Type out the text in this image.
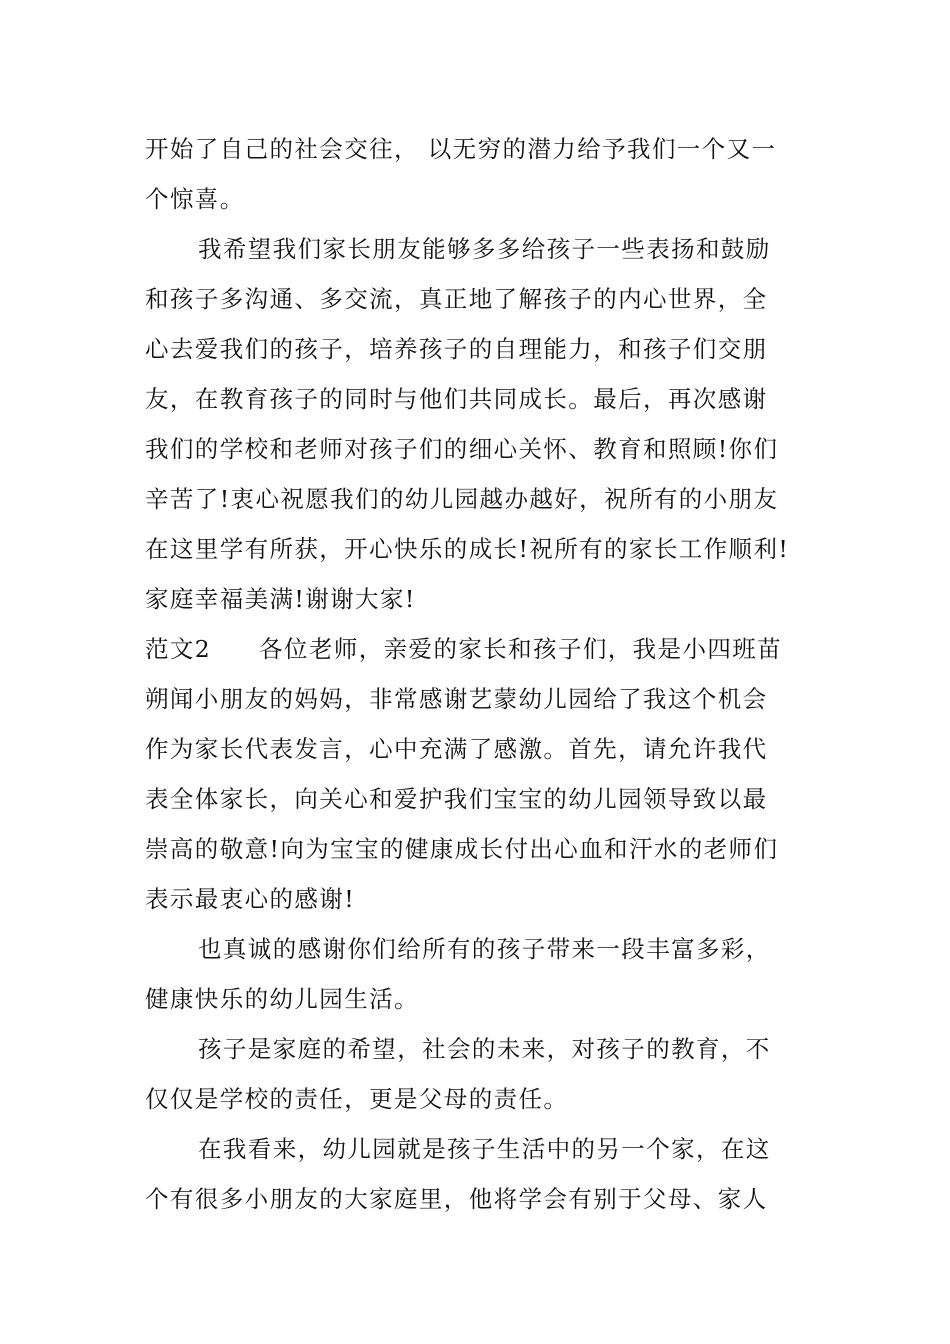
开始了自己的社会交往， 以无穷的潜力给予我们一个又一
个惊喜。

我希望我们家长朋友能够多多给孩子一些表扬和鼓励
和孩子多沟通、多交流，真正地了解孩子的内心世界，全
心去爱我们的孩子，培养孩子的自理能力，和孩子们交朋
友，在教育孩子的同时与他们共同成长。最后，再次感谢
我们的学校和老师对孩子们的细心关怀、教育和照顾!你们
辛苦了!衷心祝愿我们的幼儿园越办越好，祝所有的小朋友
在这里学有所获，开心快乐的成长!祝所有的家长工作顺利!
家庭幸福美满!谢谢大家!

范文2 各位老师，亲爱的家长和孩子们，我是小四班苗
朔闻小朋友的妈妈，非常感谢艺蒙幼儿园给了我这个机会
作为家长代表发言，心中充满了感激。首先，请允许我代
表全体家长，向关心和爱护我们宝宝的幼儿园领导致以最
崇高的敬意!向为宝宝的健康成长付出心血和汗水的老师们
表示最衷心的感谢!

也真诚的感谢你们给所有的孩子带来一段丰富多彩，
健康快乐的幼儿园生活。

孩子是家庭的希望，社会的未来，对孩子的教育，不
仅仅是学校的责任，更是父母的责任。

在我看来，幼儿园就是孩子生活中的另一个家，在这
个有很多小朋友的大家庭里，他将学会有别于父母、家人
